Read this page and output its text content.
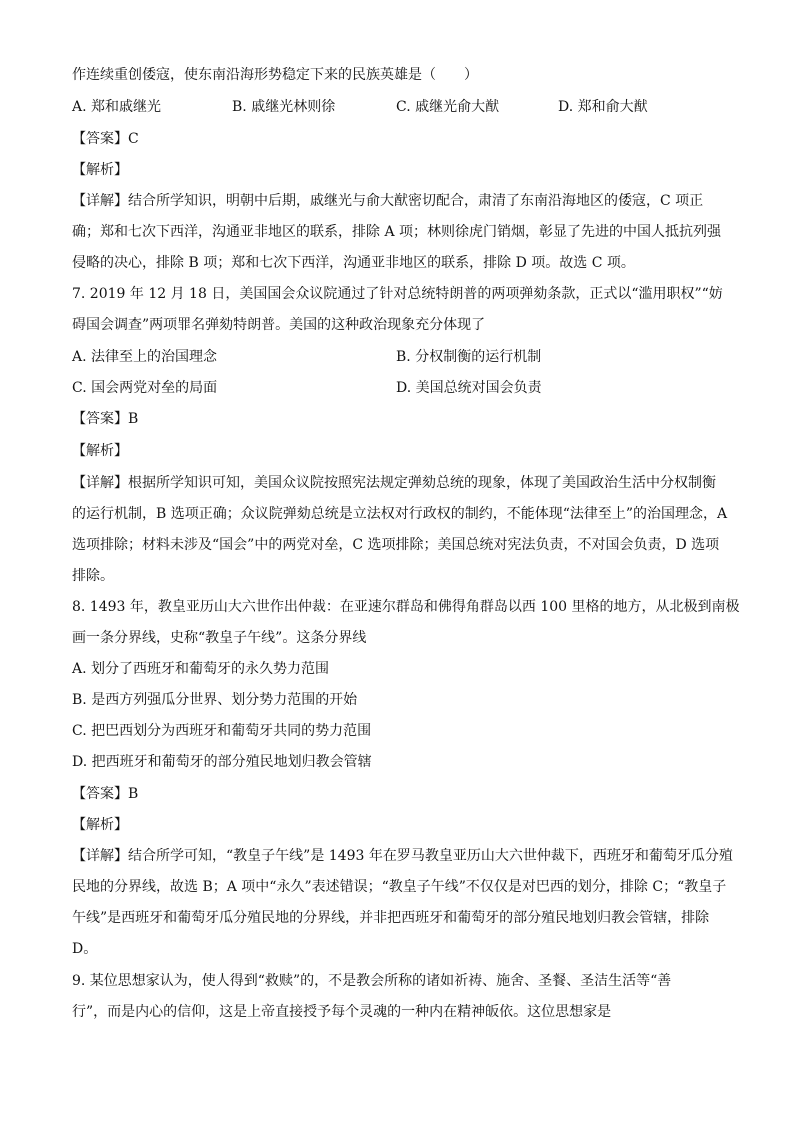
作连续重创倭寇，使东南沿海形势稳定下来的民族英雄是（　　）
A. 郑和戚继光	B. 戚继光林则徐	C. 戚继光俞大猷	D. 郑和俞大猷
【答案】C
【解析】
【详解】结合所学知识，明朝中后期，戚继光与俞大猷密切配合，肃清了东南沿海地区的倭寇，C 项正
确；郑和七次下西洋，沟通亚非地区的联系，排除 A 项；林则徐虎门销烟，彰显了先进的中国人抵抗列强
侵略的决心，排除 B 项；郑和七次下西洋，沟通亚非地区的联系，排除 D 项。故选 C 项。
7. 2019 年 12 月 18 日，美国国会众议院通过了针对总统特朗普的两项弹劾条款，正式以“滥用职权”“妨
碍国会调查”两项罪名弹劾特朗普。美国的这种政治现象充分体现了
A. 法律至上的治国理念	B. 分权制衡的运行机制
C. 国会两党对垒的局面	D. 美国总统对国会负责
【答案】B
【解析】
【详解】根据所学知识可知，美国众议院按照宪法规定弹劾总统的现象，体现了美国政治生活中分权制衡
的运行机制，B 选项正确；众议院弹劾总统是立法权对行政权的制约，不能体现“法律至上”的治国理念，A
选项排除；材料未涉及“国会”中的两党对垒，C 选项排除；美国总统对宪法负责，不对国会负责，D 选项
排除。
8. 1493 年，教皇亚历山大六世作出仲裁：在亚速尔群岛和佛得角群岛以西 100 里格的地方，从北极到南极
画一条分界线，史称“教皇子午线”。这条分界线
A. 划分了西班牙和葡萄牙的永久势力范围
B. 是西方列强瓜分世界、划分势力范围的开始
C. 把巴西划分为西班牙和葡萄牙共同的势力范围
D. 把西班牙和葡萄牙的部分殖民地划归教会管辖
【答案】B
【解析】
【详解】结合所学可知，“教皇子午线”是 1493 年在罗马教皇亚历山大六世仲裁下，西班牙和葡萄牙瓜分殖
民地的分界线，故选 B；A 项中“永久”表述错误；“教皇子午线”不仅仅是对巴西的划分，排除 C；“教皇子
午线”是西班牙和葡萄牙瓜分殖民地的分界线，并非把西班牙和葡萄牙的部分殖民地划归教会管辖，排除
D。
9. 某位思想家认为，使人得到“救赎”的，不是教会所称的诸如祈祷、施舍、圣餐、圣洁生活等“善
行”，而是内心的信仰，这是上帝直接授予每个灵魂的一种内在精神皈依。这位思想家是
